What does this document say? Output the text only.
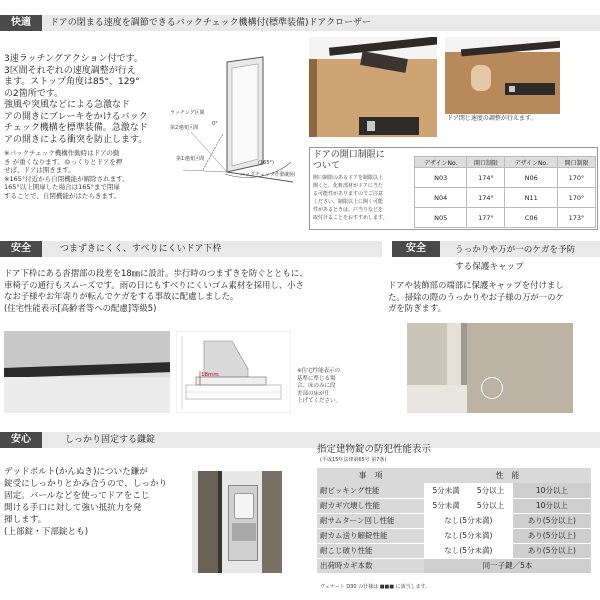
快適	ドアの閉まる速度を調節できるバックチェック機構付(標準装備)ドアクローザー
3速ラッチングアクション付です。
3区間それぞれの速度調整が行え
ます。ストップ角度は85°、129°
の2箇所です。
強風や突風などによる急激なド
アの開きにブレーキをかけるバック
チェック機構を標準装備。急激なド
アの開きによる衝突を防止します。
※バックチェック機構作動時はドアの動
き が重くなります。ゆっくりとドアを押
せば、ドアは開きます。
※165°付近から自閉機能が解除されます。
165°以上開扉した場合は165°まで閉扉
することで、自閉機能がはたらきます。
ラッチング区間
第2速度区間
0°
第1速度区間
(165°)
バックチェック作動範囲
ドア閉じ速度の調整が行えます。
ドアの開口制限に
ついて
開口制限のあるドアを制限以上
開くと、化粧部材がドアに当た
る可能性がありますのでご注意
ください。制限以上に開く可能
性があるときは、戸当りなどを
取付けることをおすすめします。
デザインNo.	開口制限	デザインNo.	開口制限
N03	174°	N06	170°
N04	174°	N11	170°
N05	177°	C06	173°
安全	つまずきにくく、すべりにくいドア下枠
ドア下枠にある沓摺部の段差を18㎜に設計。歩行時のつまずきを防ぐとともに、
車椅子の通行もスムーズです。雨の日にもすべりにくいゴム素材を採用し、小さ
なお子様やお年寄りが転んでケガをする事故に配慮しました。
(住宅性能表示[高齢者等への配慮]等級5)
18mm
※住宅性能表示の
基準に準じる場
合、床のみに段
差部の床が仕
上げてください。
安全	うっかりや万が一のケガを予防
する保護キャップ
ドアや装飾部の端部に保護キャップを付けまし
た。掃除の際のうっかりやお子様の万が一のケ
ガを防ぎます。
安心	しっかり固定する鎌錠
デッドボルト(かんぬき)についた鎌が
錠受にしっかりとかみ合うので、しっかり
固定。バールなどを使ってドアをこじ
開ける手口に対して強い抵抗力を発
揮します。
(上部錠・下部錠とも)
指定建物錠の防犯性能表示
(平成15年法律第65号 第7条)
事　項	性　能		
耐ピッキング性能	5分未満	5分以上	10分以上
耐カギ穴壊し性能	5分未満	5分以上	10分以上
耐サムターン回し性能	なし(5分未満)		あり(5分以上)
耐カム送り解錠性能	なし(5分未満)		あり(5分以上)
耐こじ破り性能	なし(5分未満)		あり(5分以上)
出荷時カギ本数	同一子鍵／5本		
ヴェナート D30 の仕様は ■■■ に該当します。
